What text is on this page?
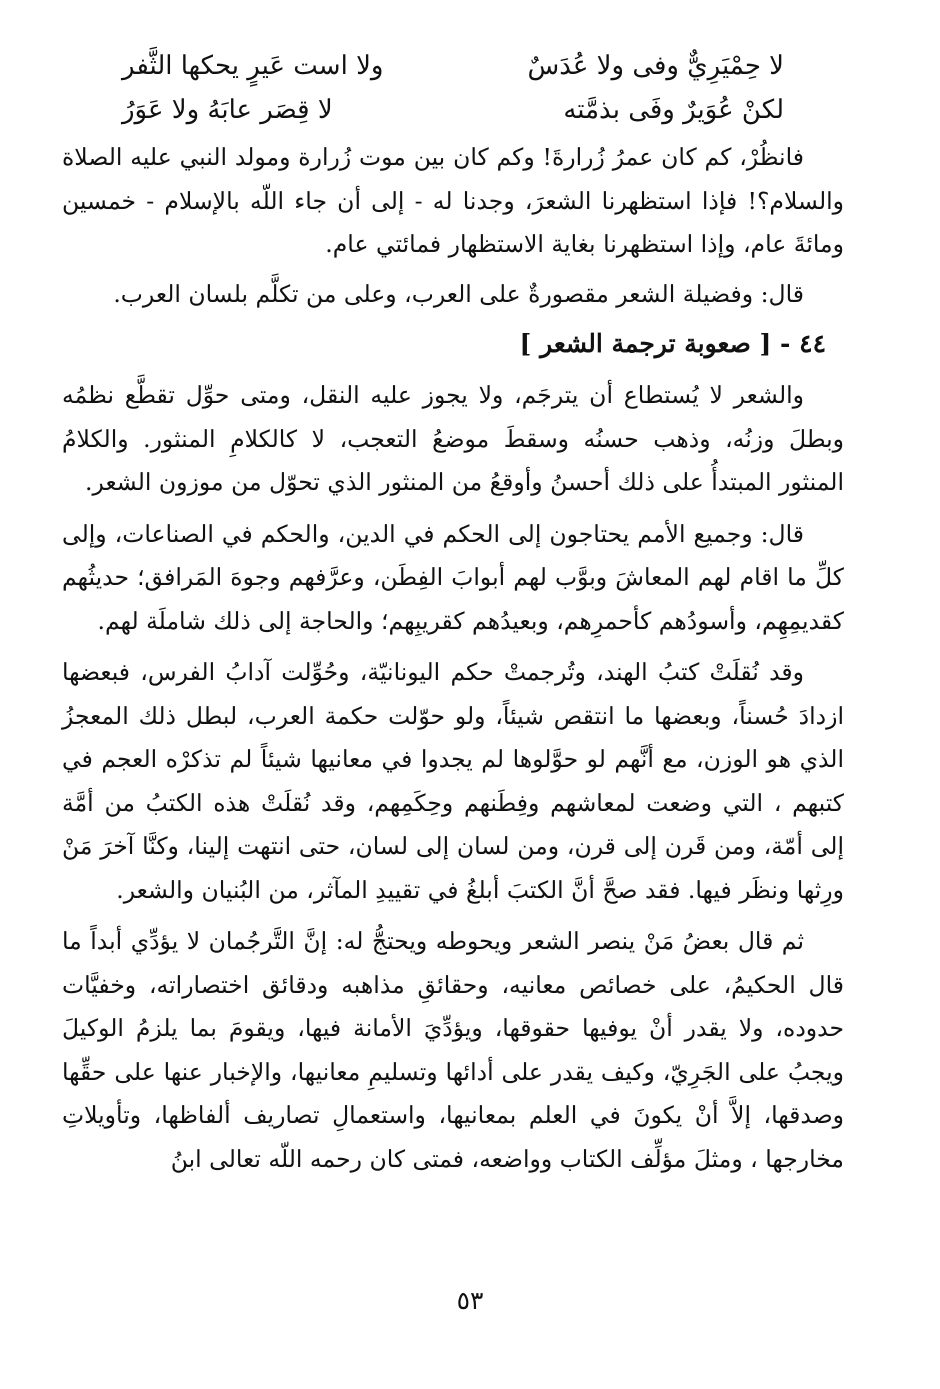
لا حِمْيَرِيٌّ وفى ولا عُدَسٌ
ولا است عَيرٍ يحكها الثَّفر
لكنْ عُوَيرٌ وفَى بذمَّته
لا قِصَر عابَهُ ولا عَوَرُ

فانظُرْ، كم كان عمرُ زُرارةَ! وكم كان بين موت زُرارة ومولد النبي عليه الصلاة والسلام؟! فإذا استظهرنا الشعرَ، وجدنا له - إلى أن جاء اللّه بالإسلام - خمسين ومائةَ عام، وإذا استظهرنا بغاية الاستظهار فمائتي عام.

قال: وفضيلة الشعر مقصورةٌ على العرب، وعلى من تكلَّم بلسان العرب.

٤٤ - [ صعوبة ترجمة الشعر ]

والشعر لا يُستطاع أن يترجَم، ولا يجوز عليه النقل، ومتى حوِّل تقطَّع نظمُه وبطلَ وزنُه، وذهب حسنُه وسقطَ موضعُ التعجب، لا كالكلامِ المنثور. والكلامُ المنثور المبتدأُ على ذلك أحسنُ وأوقعُ من المنثور الذي تحوّل من موزون الشعر.

قال: وجميع الأمم يحتاجون إلى الحكم في الدين، والحكم في الصناعات، وإلى كلِّ ما اقام لهم المعاشَ وبوَّب لهم أبوابَ الفِطَن، وعرَّفهم وجوهَ المَرافق؛ حديثُهم كقديمِهِم، وأسودُهم كأحمرِهم، وبعيدُهم كقريبِهم؛ والحاجة إلى ذلك شاملَة لهم.

وقد نُقلَتْ كتبُ الهند، وتُرجمتْ حكم اليونانيّة، وحُوِّلت آدابُ الفرس، فبعضها ازدادَ حُسناً، وبعضها ما انتقص شيئاً، ولو حوّلت حكمة العرب، لبطل ذلك المعجزُ الذي هو الوزن، مع أنَّهم لو حوَّلوها لم يجدوا في معانيها شيئاً لم تذكرْه العجم في كتبهم ، التي وضعت لمعاشهم وفِطَنهم وحِكَمِهم، وقد نُقلَتْ هذه الكتبُ من أمَّة إلى أمّة، ومن قَرن إلى قرن، ومن لسان إلى لسان، حتى انتهت إلينا، وكنَّا آخرَ مَنْ ورِثها ونظَر فيها. فقد صحَّ أنَّ الكتبَ أبلغُ في تقييدِ المآثر، من البُنيان والشعر.

ثم قال بعضُ مَنْ ينصر الشعر ويحوطه ويحتجُّ له: إنَّ التَّرجُمان لا يؤدِّي أبداً ما قال الحكيمُ، على خصائص معانيه، وحقائقِ مذاهبه ودقائق اختصاراته، وخفيَّات حدوده، ولا يقدر أنْ يوفيها حقوقها، ويؤدِّيَ الأمانة فيها، ويقومَ بما يلزمُ الوكيلَ ويجبُ على الجَرِيّ، وكيف يقدر على أدائها وتسليمِ معانيها، والإخبار عنها على حقِّها وصدقها، إلاَّ أنْ يكونَ في العلم بمعانيها، واستعمالِ تصاريف ألفاظها، وتأويلاتِ مخارجها ، ومثلَ مؤلِّف الكتاب وواضعه، فمتى كان رحمه اللّه تعالى ابنُ

٥٣
